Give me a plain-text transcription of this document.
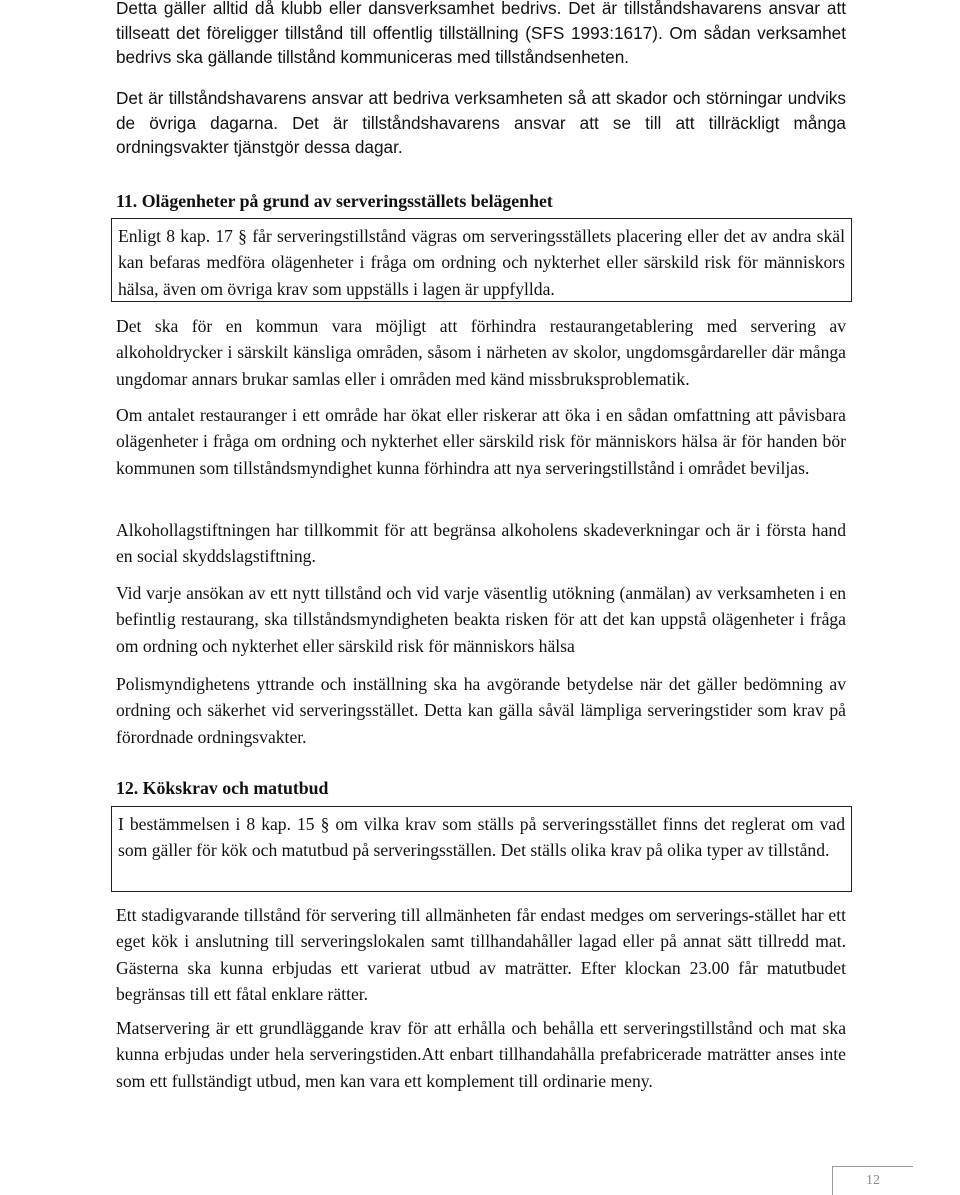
Detta gäller alltid då klubb eller dansverksamhet bedrivs. Det är tillståndshavarens ansvar att tillseatt det föreligger tillstånd till offentlig tillställning (SFS 1993:1617). Om sådan verksamhet bedrivs ska gällande tillstånd kommuniceras med tillståndsenheten.

Det är tillståndshavarens ansvar att bedriva verksamheten så att skador och störningar undviks de övriga dagarna. Det är tillståndshavarens ansvar att se till att tillräckligt många ordningsvakter tjänstgör dessa dagar.

11. Olägenheter på grund av serveringsställets belägenhet
Enligt 8 kap. 17 § får serveringstillstånd vägras om serveringsställets placering eller det av andra skäl kan befaras medföra olägenheter i fråga om ordning och nykterhet eller särskild risk för människors hälsa, även om övriga krav som uppställs i lagen är uppfyllda.

Det ska för en kommun vara möjligt att förhindra restaurangetablering med servering av alkoholdrycker i särskilt känsliga områden, såsom i närheten av skolor, ungdomsgårdareller där många ungdomar annars brukar samlas eller i områden med känd missbruksproblematik.

Om antalet restauranger i ett område har ökat eller riskerar att öka i en sådan omfattning att påvisbara olägenheter i fråga om ordning och nykterhet eller särskild risk för människors hälsa är för handen bör kommunen som tillståndsmyndighet kunna förhindra att nya serveringstillstånd i området beviljas.

Alkohollagstiftningen har tillkommit för att begränsa alkoholens skadeverkningar och är i första hand en social skyddslagstiftning.

Vid varje ansökan av ett nytt tillstånd och vid varje väsentlig utökning (anmälan) av verksamheten i en befintlig restaurang, ska tillståndsmyndigheten beakta risken för att det kan uppstå olägenheter i fråga om ordning och nykterhet eller särskild risk för människors hälsa

Polismyndighetens yttrande och inställning ska ha avgörande betydelse när det gäller bedömning av ordning och säkerhet vid serveringsstället. Detta kan gälla såväl lämpliga serveringstider som krav på förordnade ordningsvakter.

12. Kökskrav och matutbud
I bestämmelsen i 8 kap. 15 § om vilka krav som ställs på serveringsstället finns det reglerat om vad som gäller för kök och matutbud på serveringsställen. Det ställs olika krav på olika typer av tillstånd.

Ett stadigvarande tillstånd för servering till allmänheten får endast medges om serverings-stället har ett eget kök i anslutning till serveringslokalen samt tillhandahåller lagad eller på annat sätt tillredd mat. Gästerna ska kunna erbjudas ett varierat utbud av maträtter. Efter klockan 23.00 får matutbudet begränsas till ett fåtal enklare rätter.

Matservering är ett grundläggande krav för att erhålla och behålla ett serveringstillstånd och mat ska kunna erbjudas under hela serveringstiden.Att enbart tillhandahålla prefabricerade maträtter anses inte som ett fullständigt utbud, men kan vara ett komplement till ordinarie meny.

12
